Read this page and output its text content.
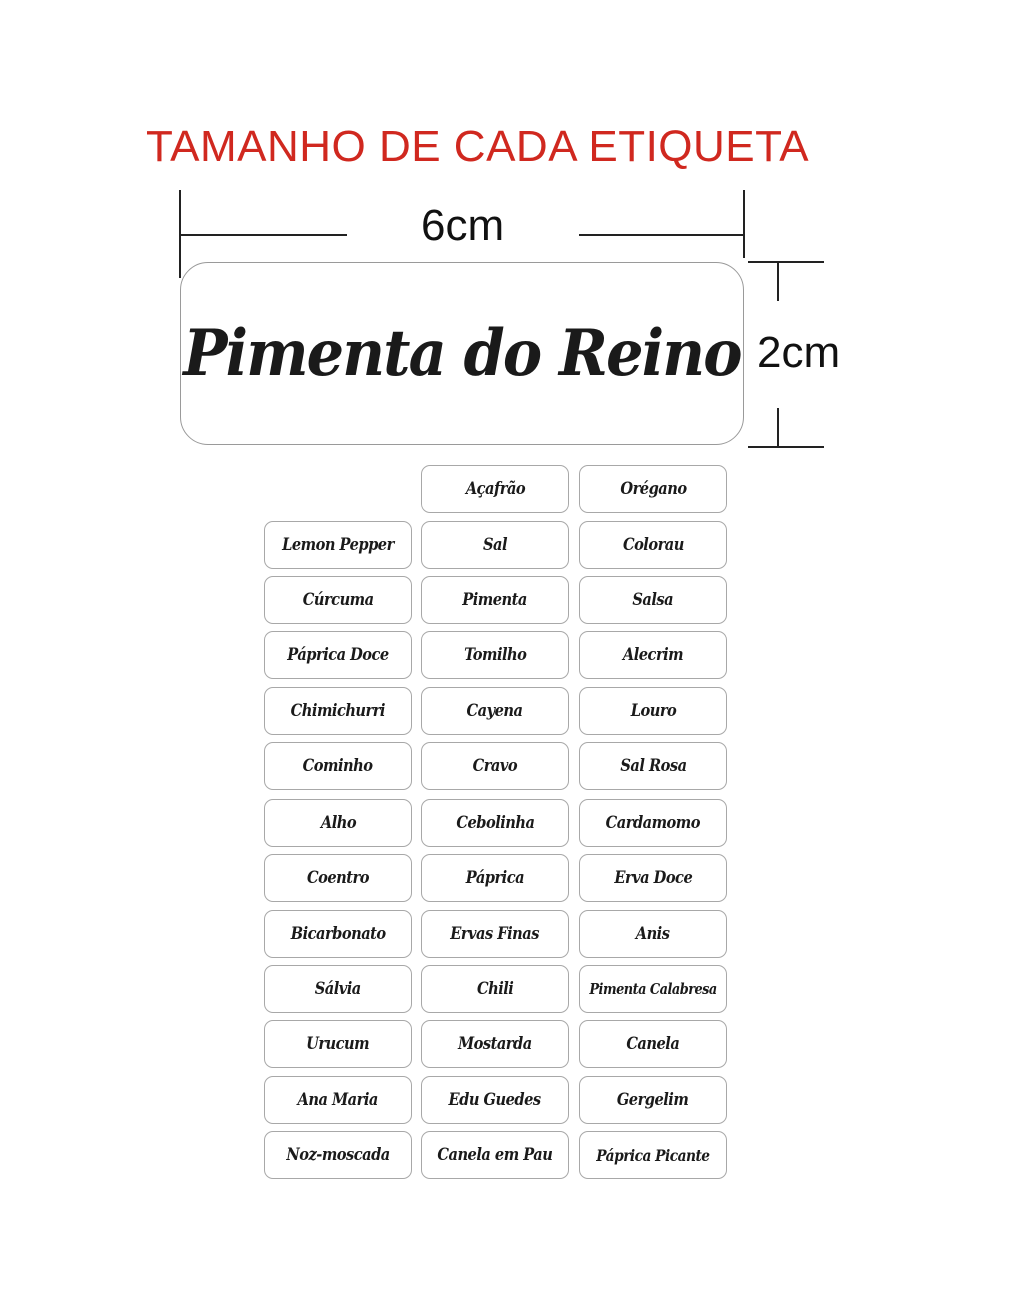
TAMANHO DE CADA ETIQUETA
6cm
2cm
Pimenta do Reino
Lemon Pepper
Cúrcuma
Páprica Doce
Chimichurri
Cominho
Alho
Coentro
Bicarbonato
Sálvia
Urucum
Ana Maria
Noz-moscada
Açafrão
Sal
Pimenta
Tomilho
Cayena
Cravo
Cebolinha
Páprica
Ervas Finas
Chili
Mostarda
Edu Guedes
Canela em Pau
Orégano
Colorau
Salsa
Alecrim
Louro
Sal Rosa
Cardamomo
Erva Doce
Anis
Pimenta Calabresa
Canela
Gergelim
Páprica Picante
